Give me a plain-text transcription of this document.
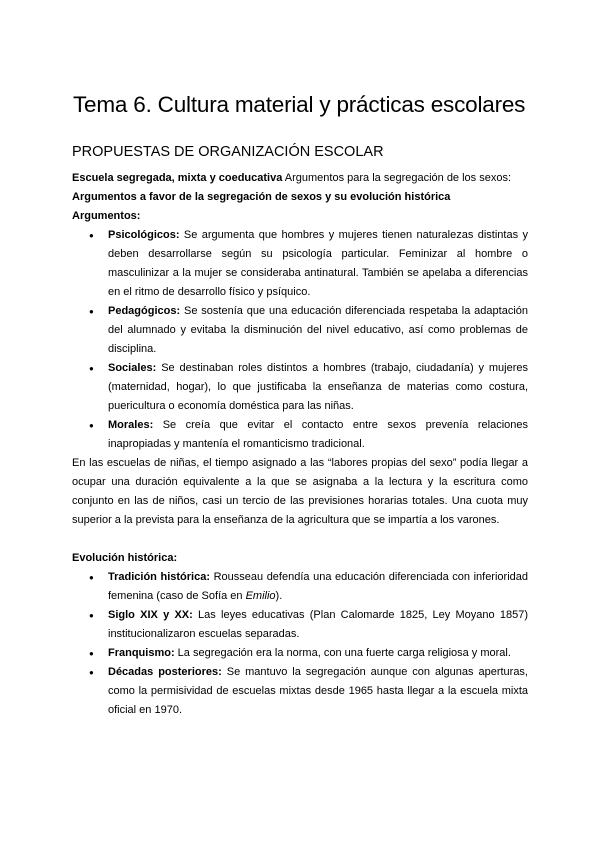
Tema 6. Cultura material y prácticas escolares
PROPUESTAS DE ORGANIZACIÓN ESCOLAR

Escuela segregada, mixta y coeducativa Argumentos para la segregación de los sexos:

Argumentos a favor de la segregación de sexos y su evolución histórica

Argumentos:

● Psicológicos: Se argumenta que hombres y mujeres tienen naturalezas distintas y deben desarrollarse según su psicología particular. Feminizar al hombre o masculinizar a la mujer se consideraba antinatural. También se apelaba a diferencias en el ritmo de desarrollo físico y psíquico.
● Pedagógicos: Se sostenía que una educación diferenciada respetaba la adaptación del alumnado y evitaba la disminución del nivel educativo, así como problemas de disciplina.
● Sociales: Se destinaban roles distintos a hombres (trabajo, ciudadanía) y mujeres (maternidad, hogar), lo que justificaba la enseñanza de materias como costura, puericultura o economía doméstica para las niñas.
● Morales: Se creía que evitar el contacto entre sexos prevenía relaciones inapropiadas y mantenía el romanticismo tradicional.

En las escuelas de niñas, el tiempo asignado a las “labores propias del sexo” podía llegar a ocupar una duración equivalente a la que se asignaba a la lectura y la escritura como conjunto en las de niños, casi un tercio de las previsiones horarias totales. Una cuota muy superior a la prevista para la enseñanza de la agricultura que se impartía a los varones.

Evolución histórica:

● Tradición histórica: Rousseau defendía una educación diferenciada con inferioridad femenina (caso de Sofía en Emilio).
● Siglo XIX y XX: Las leyes educativas (Plan Calomarde 1825, Ley Moyano 1857) institucionalizaron escuelas separadas.
● Franquismo: La segregación era la norma, con una fuerte carga religiosa y moral.
● Décadas posteriores: Se mantuvo la segregación aunque con algunas aperturas, como la permisividad de escuelas mixtas desde 1965 hasta llegar a la escuela mixta oficial en 1970.
